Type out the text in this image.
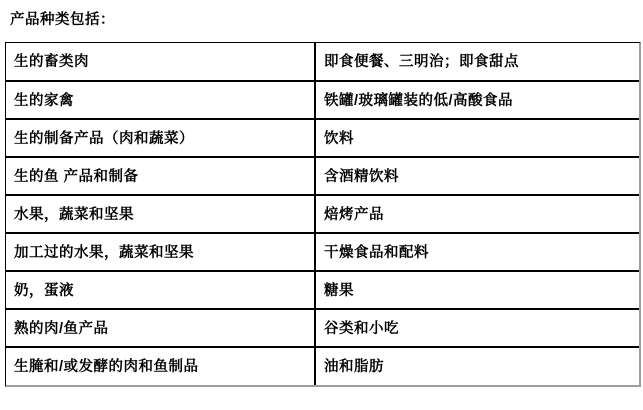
产品种类包括：
生的畜类肉	即食便餐、三明治；即食甜点
生的家禽	铁罐/玻璃罐装的低/高酸食品
生的制备产品（肉和蔬菜）	饮料
生的鱼 产品和制备	含酒精饮料
水果，蔬菜和坚果	焙烤产品
加工过的水果，蔬菜和坚果	干燥食品和配料
奶，蛋液	糖果
熟的肉/鱼产品	谷类和小吃
生腌和/或发酵的肉和鱼制品	油和脂肪
